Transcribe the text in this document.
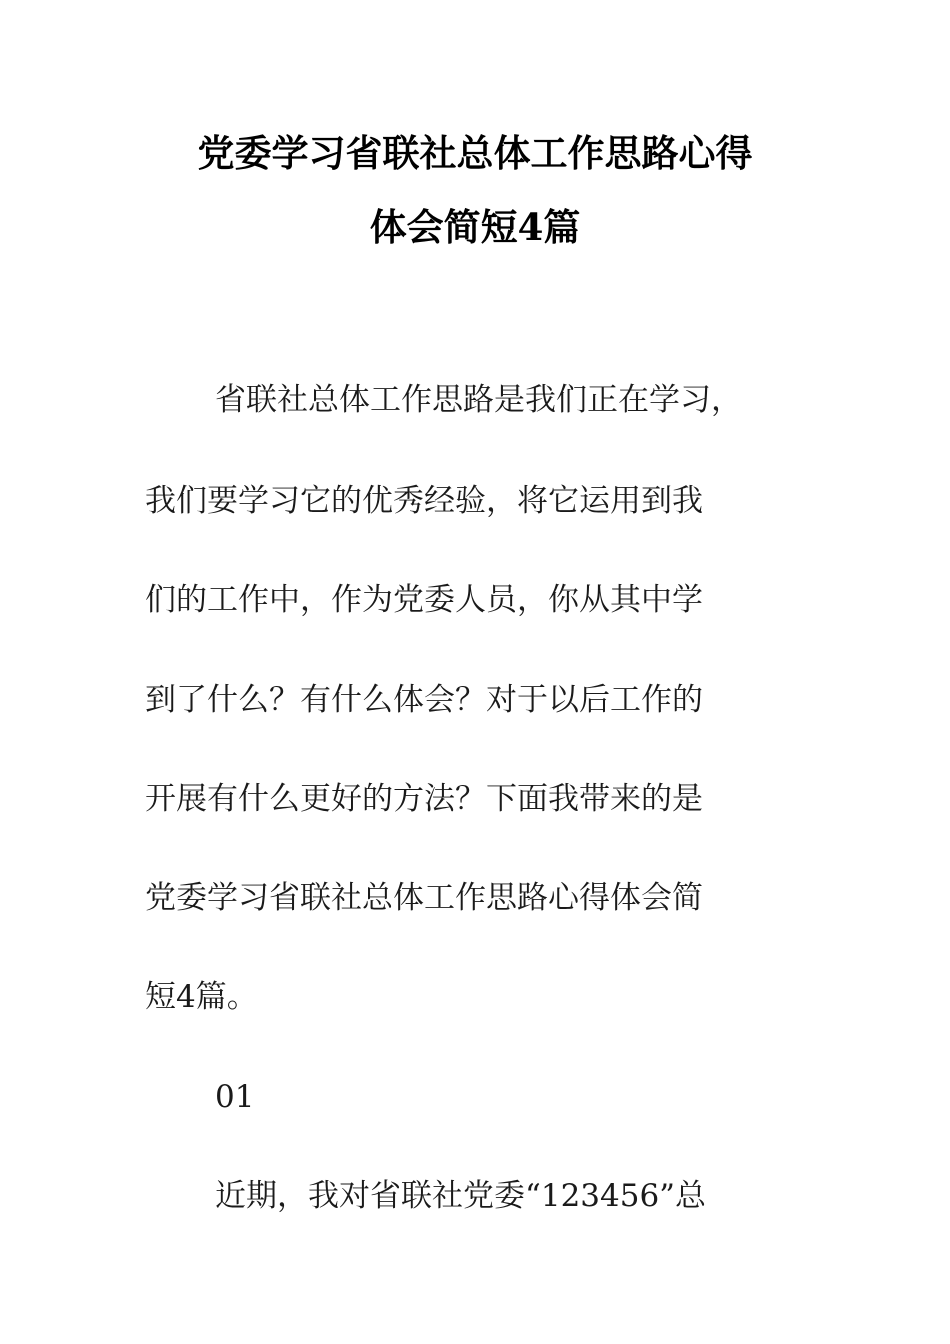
党委学习省联社总体工作思路心得
体会简短4篇
省联社总体工作思路是我们正在学习，
我们要学习它的优秀经验，将它运用到我
们的工作中，作为党委人员，你从其中学
到了什么？有什么体会？对于以后工作的
开展有什么更好的方法？下面我带来的是
党委学习省联社总体工作思路心得体会简
短4篇。
01
近期，我对省联社党委“123456”总
